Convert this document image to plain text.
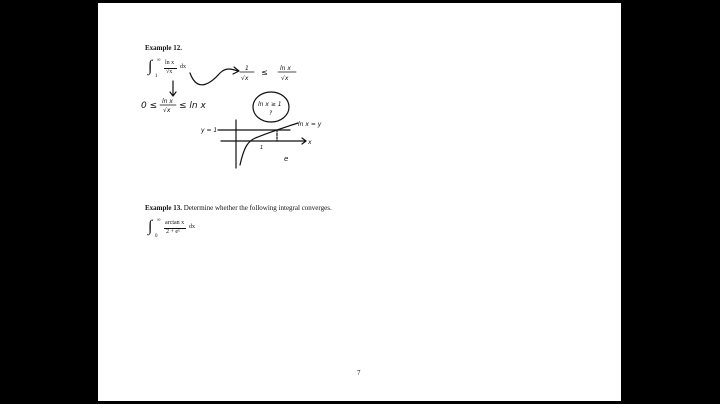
Example 12.
∫ ∞
1
ln x
√x
dx
Example 13. Determine whether the following integral converges.
∫ ∞
0
arctan x
2 + eˣ
dx
7
1
√x
≤ ln x
√x
0 ≤ ln x
√x ≤ ln x	ln x ≥ 1
?
y = 1
ln x = y
x
1
e
